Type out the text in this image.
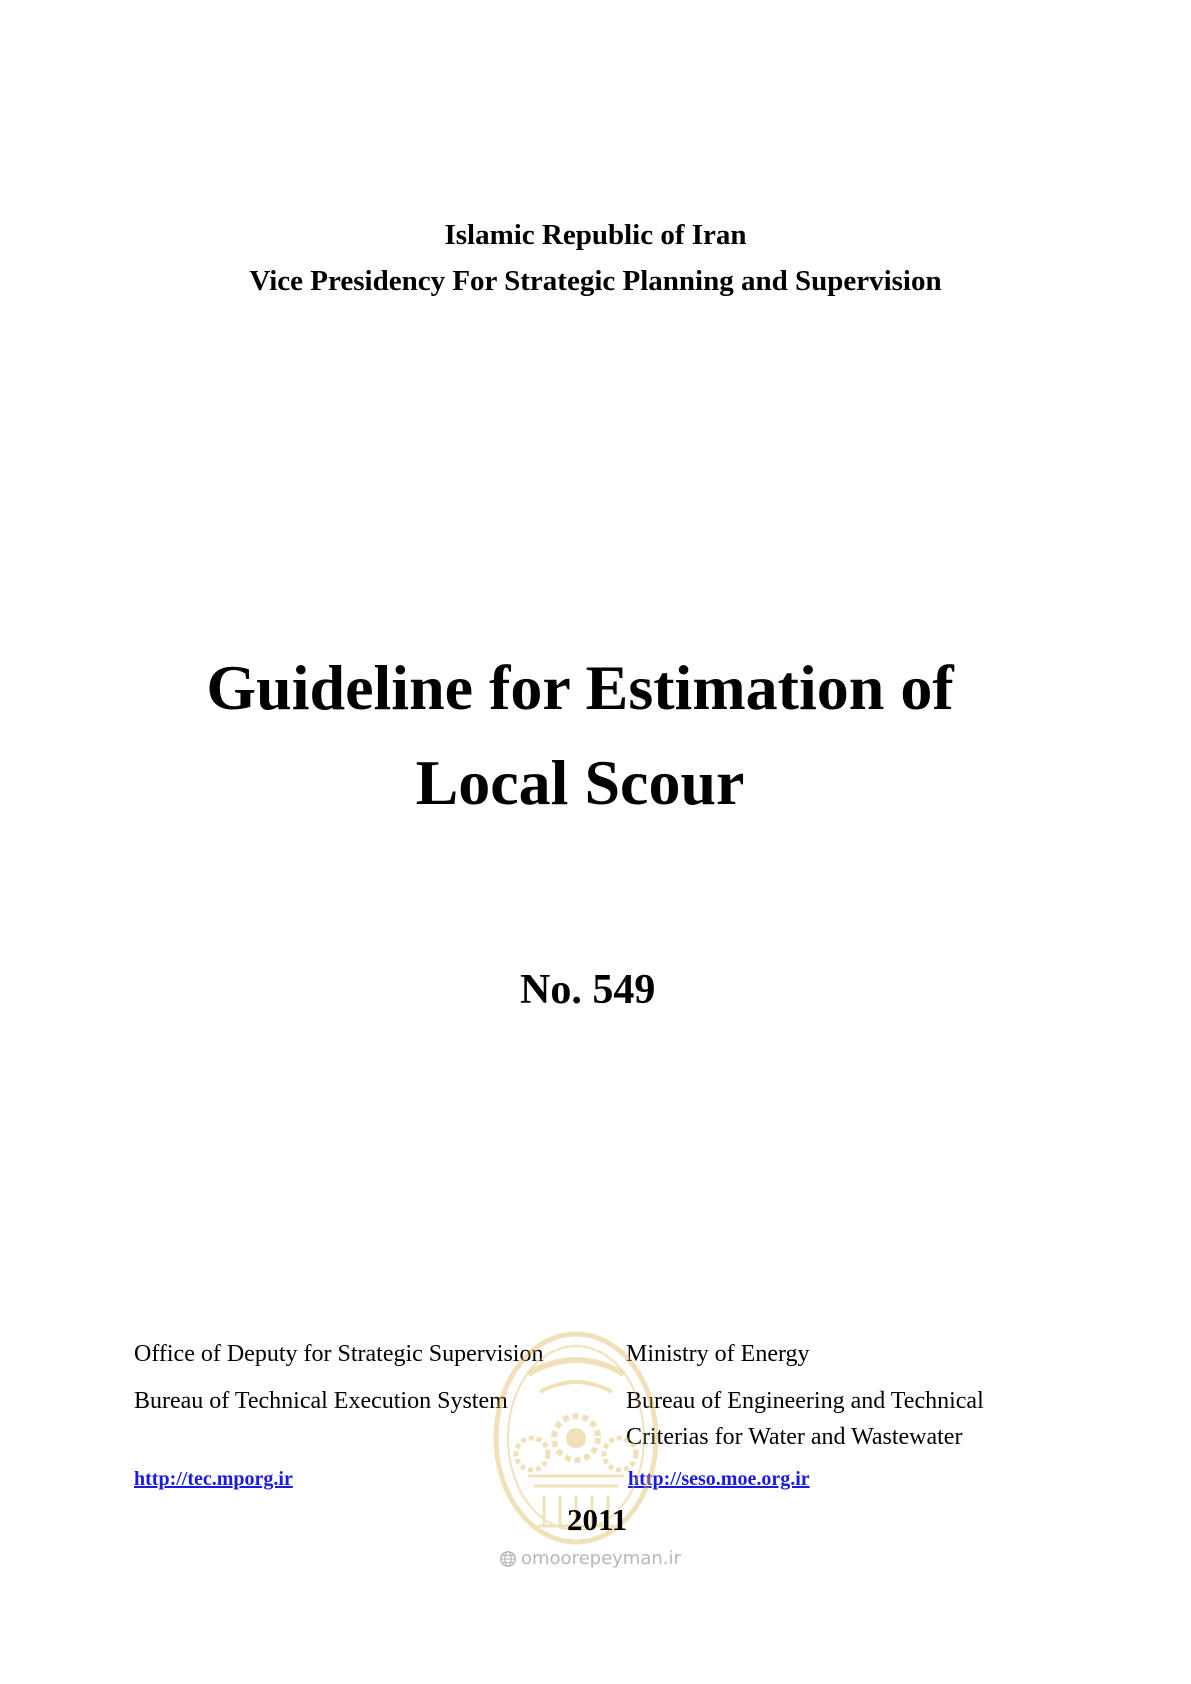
Islamic Republic of Iran

Vice Presidency For Strategic Planning and Supervision

Guideline for Estimation of
Local Scour

No. 549

Office of Deputy for Strategic Supervision
Bureau of Technical Execution System
Ministry of Energy
Bureau of Engineering and Technical
Criterias for Water and Wastewater
http://tec.mporg.ir	http://seso.moe.org.ir
2011
omoorepeyman.ir
